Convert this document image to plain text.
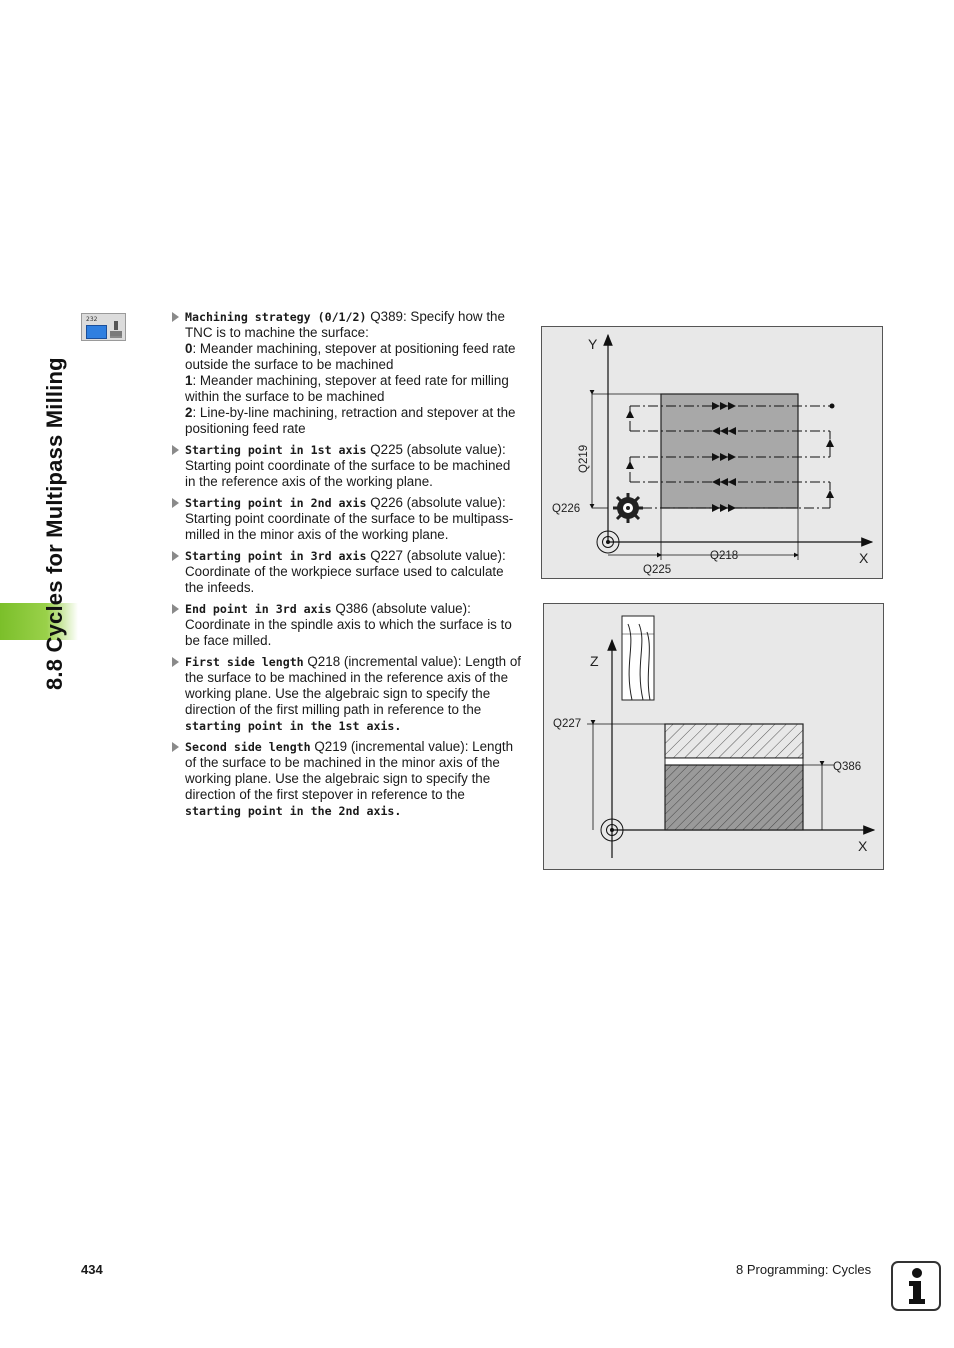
8.8 Cycles for Multipass Milling
232	Machining strategy (0/1/2) Q389: Specify how the TNC is to machine the surface:
0: Meander machining, stepover at positioning feed rate outside the surface to be machined
1: Meander machining, stepover at feed rate for milling within the surface to be machined
2: Line-by-line machining, retraction and stepover at the positioning feed rate
Starting point in 1st axis Q225 (absolute value): Starting point coordinate of the surface to be machined in the reference axis of the working plane.
Starting point in 2nd axis Q226 (absolute value): Starting point coordinate of the surface to be multipass-milled in the minor axis of the working plane.
Starting point in 3rd axis Q227 (absolute value): Coordinate of the workpiece surface used to calculate the infeeds.
End point in 3rd axis Q386 (absolute value): Coordinate in the spindle axis to which the surface is to be face milled.
First side length Q218 (incremental value): Length of the surface to be machined in the reference axis of the working plane. Use the algebraic sign to specify the direction of the first milling path in reference to the starting point in the 1st axis.
Second side length Q219 (incremental value): Length of the surface to be machined in the minor axis of the working plane. Use the algebraic sign to specify the direction of the first stepover in reference to the starting point in the 2nd axis.
Y
X
Q219
Q226
Q225
Q218
Z
X
Q227
Q386
434	8 Programming: Cycles
